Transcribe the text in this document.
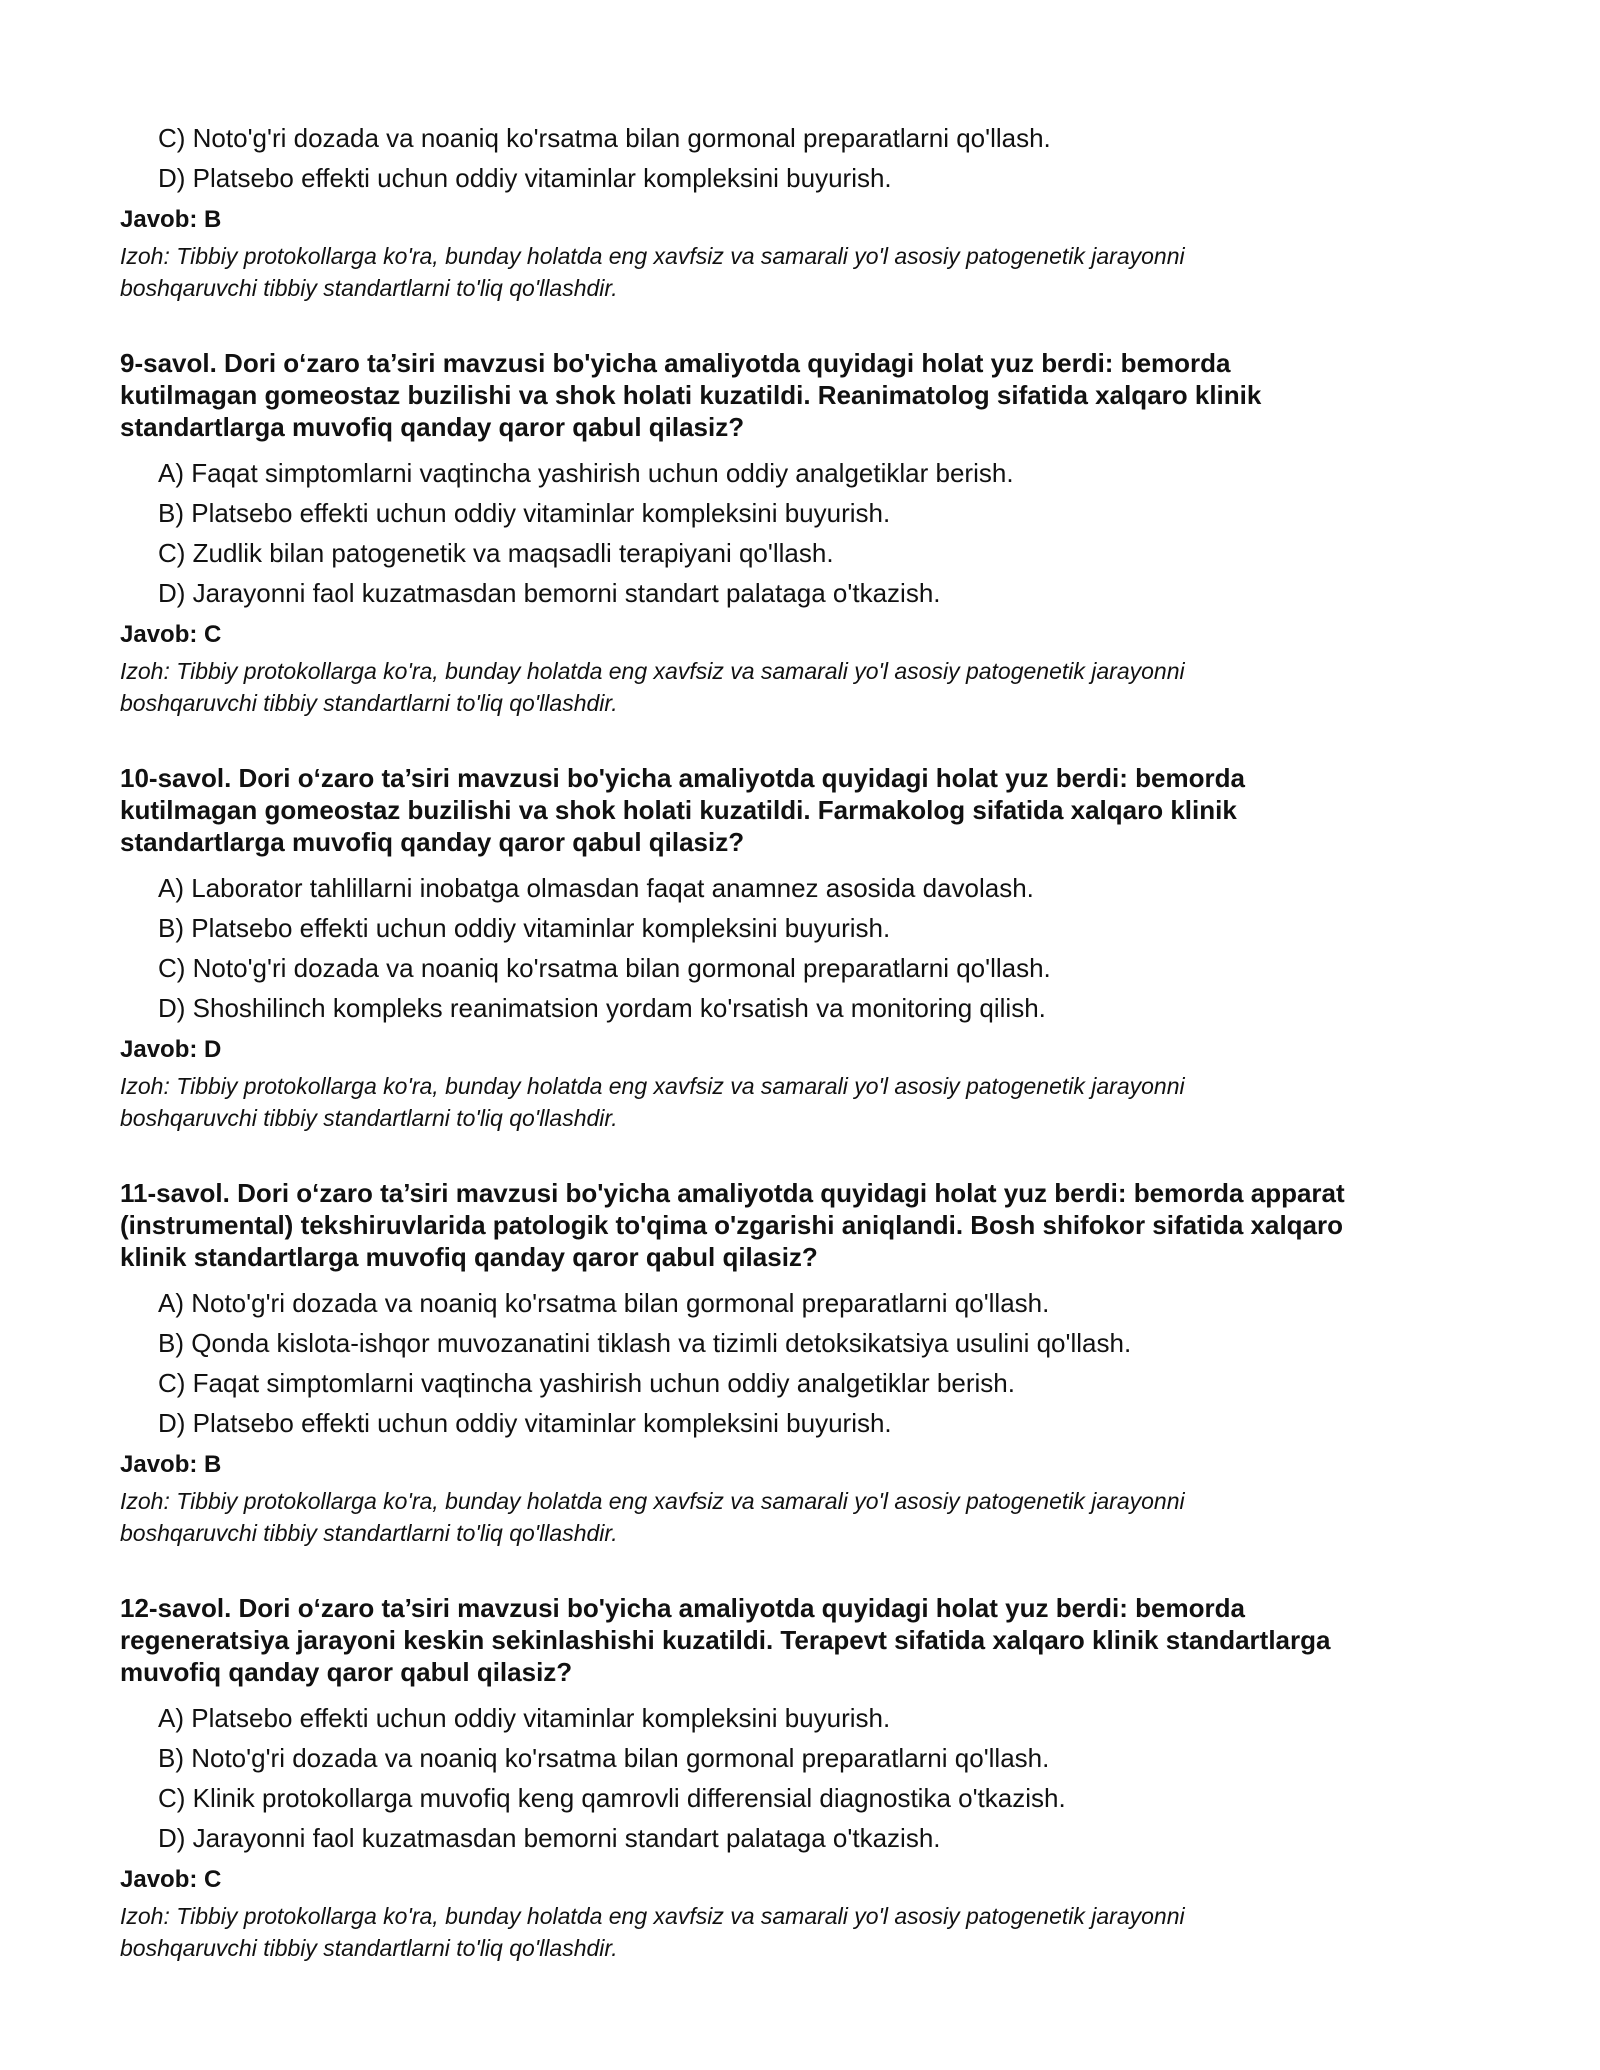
C) Noto'g'ri dozada va noaniq ko'rsatma bilan gormonal preparatlarni qo'llash.
D) Platsebo effekti uchun oddiy vitaminlar kompleksini buyurish.
Javob: B
Izoh: Tibbiy protokollarga ko'ra, bunday holatda eng xavfsiz va samarali yo'l asosiy patogenetik jarayonni
boshqaruvchi tibbiy standartlarni to'liq qo'llashdir.
9-savol. Dori o‘zaro ta’siri mavzusi bo'yicha amaliyotda quyidagi holat yuz berdi: bemorda
kutilmagan gomeostaz buzilishi va shok holati kuzatildi. Reanimatolog sifatida xalqaro klinik
standartlarga muvofiq qanday qaror qabul qilasiz?
A) Faqat simptomlarni vaqtincha yashirish uchun oddiy analgetiklar berish.
B) Platsebo effekti uchun oddiy vitaminlar kompleksini buyurish.
C) Zudlik bilan patogenetik va maqsadli terapiyani qo'llash.
D) Jarayonni faol kuzatmasdan bemorni standart palataga o'tkazish.
Javob: C
Izoh: Tibbiy protokollarga ko'ra, bunday holatda eng xavfsiz va samarali yo'l asosiy patogenetik jarayonni
boshqaruvchi tibbiy standartlarni to'liq qo'llashdir.
10-savol. Dori o‘zaro ta’siri mavzusi bo'yicha amaliyotda quyidagi holat yuz berdi: bemorda
kutilmagan gomeostaz buzilishi va shok holati kuzatildi. Farmakolog sifatida xalqaro klinik
standartlarga muvofiq qanday qaror qabul qilasiz?
A) Laborator tahlillarni inobatga olmasdan faqat anamnez asosida davolash.
B) Platsebo effekti uchun oddiy vitaminlar kompleksini buyurish.
C) Noto'g'ri dozada va noaniq ko'rsatma bilan gormonal preparatlarni qo'llash.
D) Shoshilinch kompleks reanimatsion yordam ko'rsatish va monitoring qilish.
Javob: D
Izoh: Tibbiy protokollarga ko'ra, bunday holatda eng xavfsiz va samarali yo'l asosiy patogenetik jarayonni
boshqaruvchi tibbiy standartlarni to'liq qo'llashdir.
11-savol. Dori o‘zaro ta’siri mavzusi bo'yicha amaliyotda quyidagi holat yuz berdi: bemorda apparat
(instrumental) tekshiruvlarida patologik to'qima o'zgarishi aniqlandi. Bosh shifokor sifatida xalqaro
klinik standartlarga muvofiq qanday qaror qabul qilasiz?
A) Noto'g'ri dozada va noaniq ko'rsatma bilan gormonal preparatlarni qo'llash.
B) Qonda kislota-ishqor muvozanatini tiklash va tizimli detoksikatsiya usulini qo'llash.
C) Faqat simptomlarni vaqtincha yashirish uchun oddiy analgetiklar berish.
D) Platsebo effekti uchun oddiy vitaminlar kompleksini buyurish.
Javob: B
Izoh: Tibbiy protokollarga ko'ra, bunday holatda eng xavfsiz va samarali yo'l asosiy patogenetik jarayonni
boshqaruvchi tibbiy standartlarni to'liq qo'llashdir.
12-savol. Dori o‘zaro ta’siri mavzusi bo'yicha amaliyotda quyidagi holat yuz berdi: bemorda
regeneratsiya jarayoni keskin sekinlashishi kuzatildi. Terapevt sifatida xalqaro klinik standartlarga
muvofiq qanday qaror qabul qilasiz?
A) Platsebo effekti uchun oddiy vitaminlar kompleksini buyurish.
B) Noto'g'ri dozada va noaniq ko'rsatma bilan gormonal preparatlarni qo'llash.
C) Klinik protokollarga muvofiq keng qamrovli differensial diagnostika o'tkazish.
D) Jarayonni faol kuzatmasdan bemorni standart palataga o'tkazish.
Javob: C
Izoh: Tibbiy protokollarga ko'ra, bunday holatda eng xavfsiz va samarali yo'l asosiy patogenetik jarayonni
boshqaruvchi tibbiy standartlarni to'liq qo'llashdir.
